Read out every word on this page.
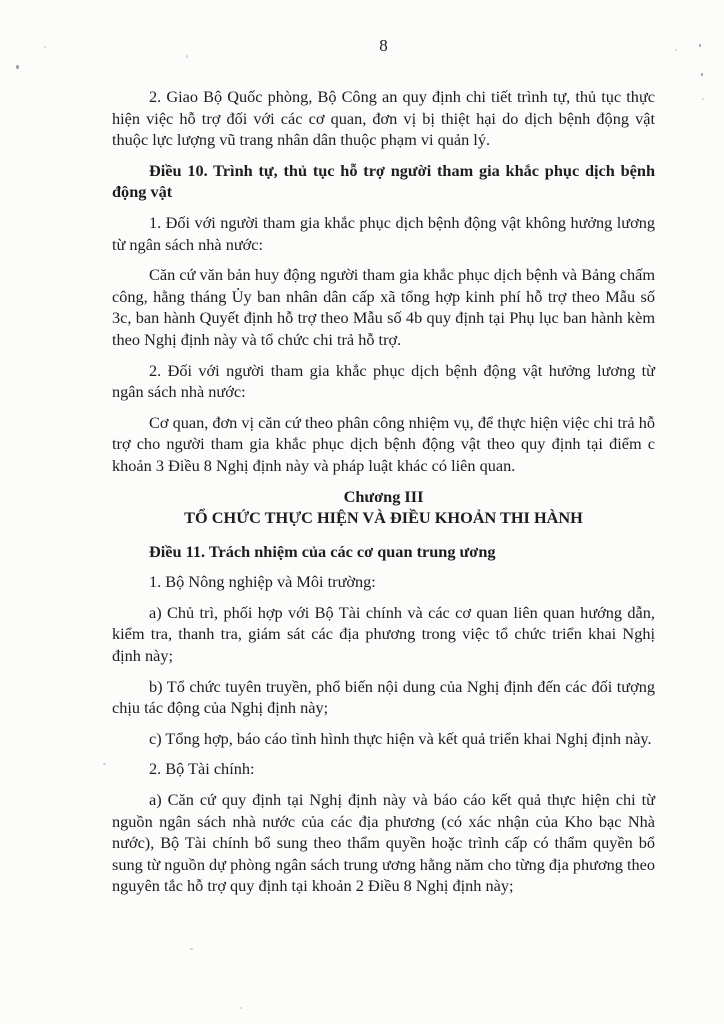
8

2. Giao Bộ Quốc phòng, Bộ Công an quy định chi tiết trình tự, thủ tục thực hiện việc hỗ trợ đối với các cơ quan, đơn vị bị thiệt hại do dịch bệnh động vật thuộc lực lượng vũ trang nhân dân thuộc phạm vi quản lý.

Điều 10. Trình tự, thủ tục hỗ trợ người tham gia khắc phục dịch bệnh động vật

1. Đối với người tham gia khắc phục dịch bệnh động vật không hưởng lương từ ngân sách nhà nước:

Căn cứ văn bản huy động người tham gia khắc phục dịch bệnh và Bảng chấm công, hằng tháng Ủy ban nhân dân cấp xã tổng hợp kinh phí hỗ trợ theo Mẫu số 3c, ban hành Quyết định hỗ trợ theo Mẫu số 4b quy định tại Phụ lục ban hành kèm theo Nghị định này và tổ chức chi trả hỗ trợ.

2. Đối với người tham gia khắc phục dịch bệnh động vật hưởng lương từ ngân sách nhà nước:

Cơ quan, đơn vị căn cứ theo phân công nhiệm vụ, để thực hiện việc chi trả hỗ trợ cho người tham gia khắc phục dịch bệnh động vật theo quy định tại điểm c khoản 3 Điều 8 Nghị định này và pháp luật khác có liên quan.

Chương III

TỔ CHỨC THỰC HIỆN VÀ ĐIỀU KHOẢN THI HÀNH

Điều 11. Trách nhiệm của các cơ quan trung ương

1. Bộ Nông nghiệp và Môi trường:

a) Chủ trì, phối hợp với Bộ Tài chính và các cơ quan liên quan hướng dẫn, kiểm tra, thanh tra, giám sát các địa phương trong việc tổ chức triển khai Nghị định này;

b) Tổ chức tuyên truyền, phổ biến nội dung của Nghị định đến các đối tượng chịu tác động của Nghị định này;

c) Tổng hợp, báo cáo tình hình thực hiện và kết quả triển khai Nghị định này.

2. Bộ Tài chính:

a) Căn cứ quy định tại Nghị định này và báo cáo kết quả thực hiện chi từ nguồn ngân sách nhà nước của các địa phương (có xác nhận của Kho bạc Nhà nước), Bộ Tài chính bổ sung theo thẩm quyền hoặc trình cấp có thẩm quyền bổ sung từ nguồn dự phòng ngân sách trung ương hằng năm cho từng địa phương theo nguyên tắc hỗ trợ quy định tại khoản 2 Điều 8 Nghị định này;
